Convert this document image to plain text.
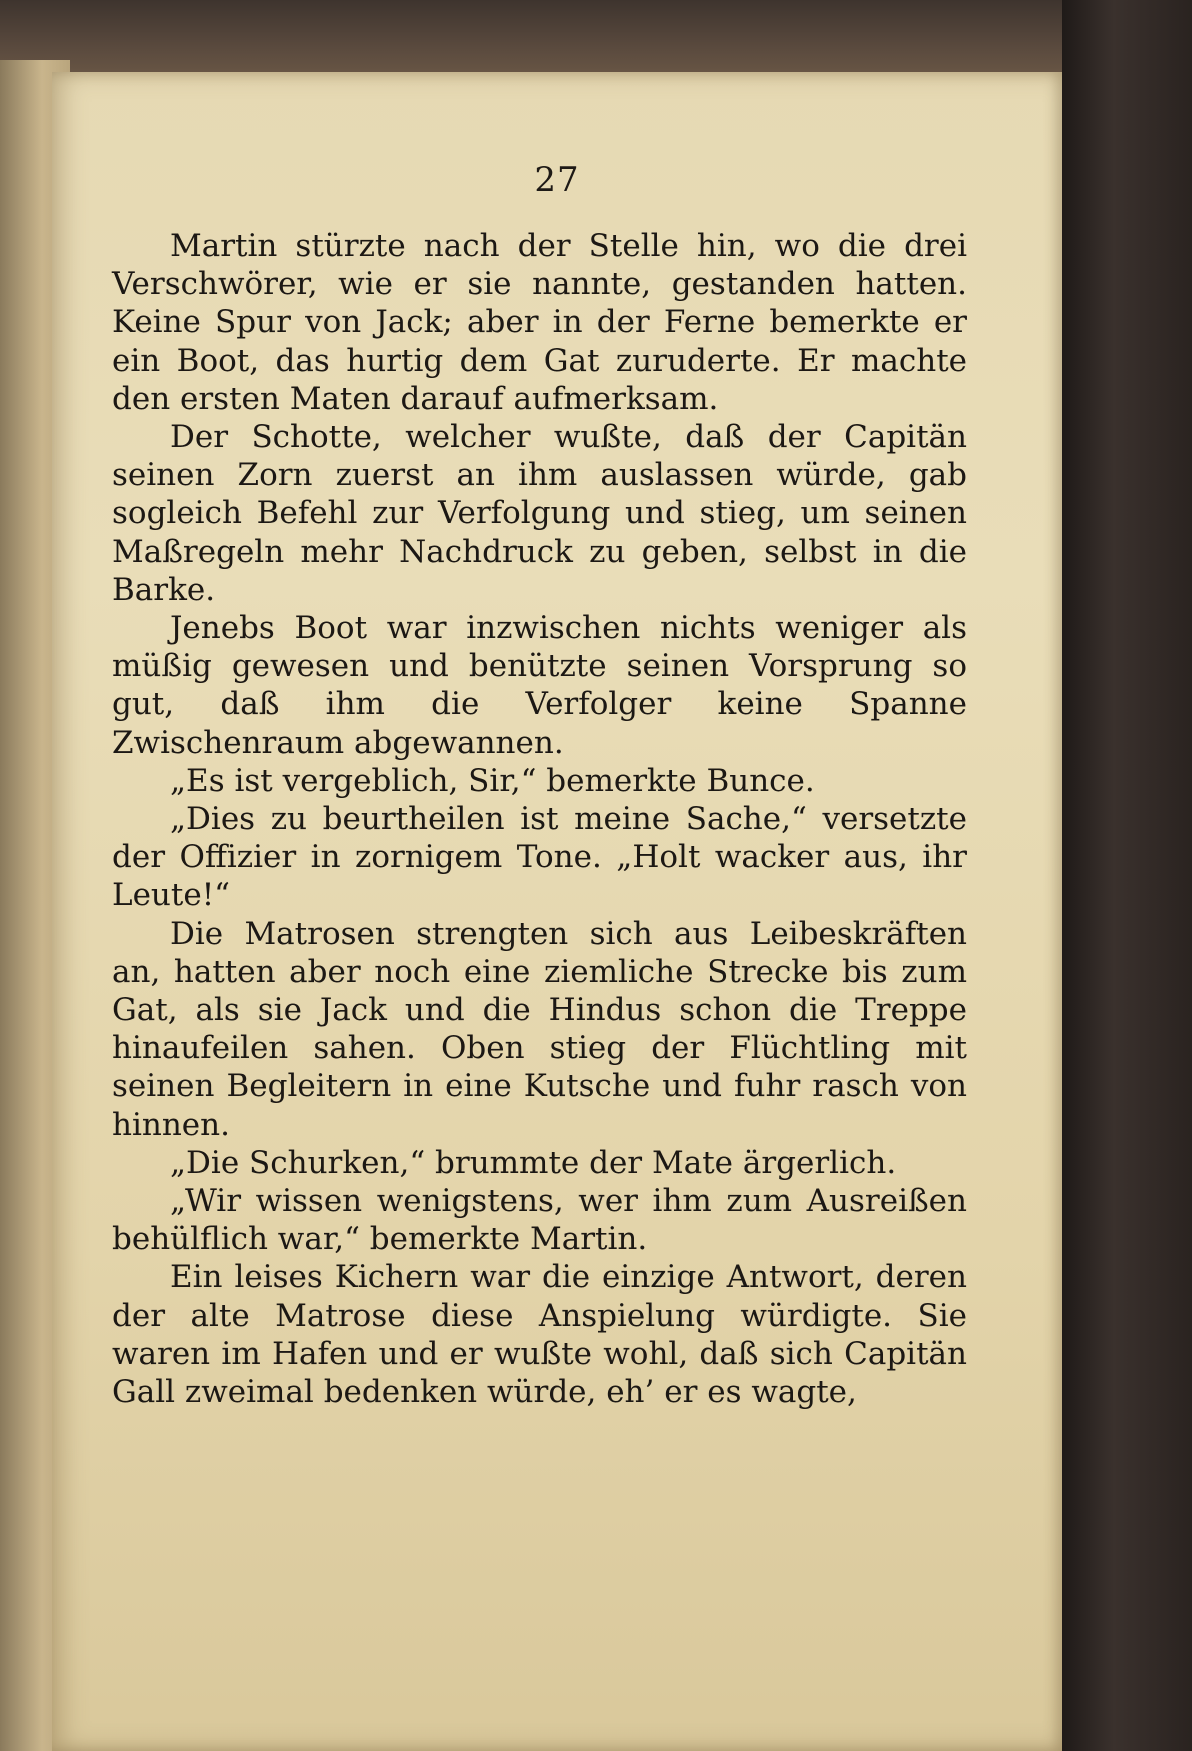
27

Martin stürzte nach der Stelle hin, wo die drei Verschwörer, wie er sie nannte, gestanden hatten. Keine Spur von Jack; aber in der Ferne bemerkte er ein Boot, das hurtig dem Gat zuruderte. Er machte den ersten Maten darauf aufmerksam.

Der Schotte, welcher wußte, daß der Capitän seinen Zorn zuerst an ihm auslassen würde, gab sogleich Befehl zur Verfolgung und stieg, um seinen Maßregeln mehr Nachdruck zu geben, selbst in die Barke.

Jenebs Boot war inzwischen nichts weniger als müßig gewesen und benützte seinen Vorsprung so gut, daß ihm die Verfolger keine Spanne Zwischenraum abgewannen.

„Es ist vergeblich, Sir,“ bemerkte Bunce.

„Dies zu beurtheilen ist meine Sache,“ versetzte der Offizier in zornigem Tone. „Holt wacker aus, ihr Leute!“

Die Matrosen strengten sich aus Leibeskräften an, hatten aber noch eine ziemliche Strecke bis zum Gat, als sie Jack und die Hindus schon die Treppe hinaufeilen sahen. Oben stieg der Flüchtling mit seinen Begleitern in eine Kutsche und fuhr rasch von hinnen.

„Die Schurken,“ brummte der Mate ärgerlich.

„Wir wissen wenigstens, wer ihm zum Ausreißen behülflich war,“ bemerkte Martin.

Ein leises Kichern war die einzige Antwort, deren der alte Matrose diese Anspielung würdigte. Sie waren im Hafen und er wußte wohl, daß sich Capitän Gall zweimal bedenken würde, eh’ er es wagte,
